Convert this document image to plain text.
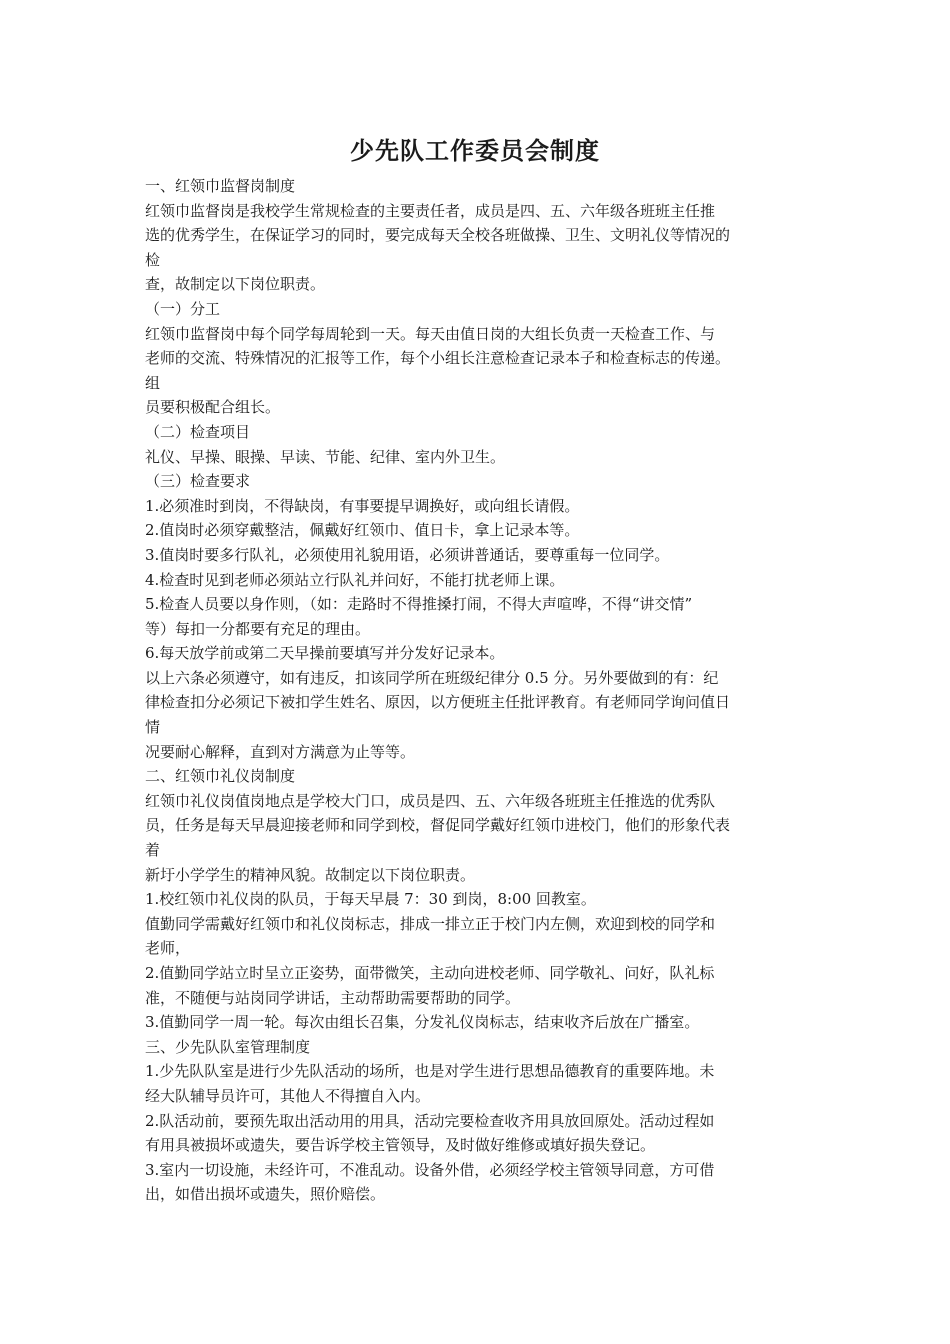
少先队工作委员会制度
一、红领巾监督岗制度
红领巾监督岗是我校学生常规检查的主要责任者，成员是四、五、六年级各班班主任推
选的优秀学生，在保证学习的同时，要完成每天全校各班做操、卫生、文明礼仪等情况的
检
查，故制定以下岗位职责。
（一）分工
红领巾监督岗中每个同学每周轮到一天。每天由值日岗的大组长负责一天检查工作、与
老师的交流、特殊情况的汇报等工作，每个小组长注意检查记录本子和检查标志的传递。
组
员要积极配合组长。
（二）检查项目
礼仪、早操、眼操、早读、节能、纪律、室内外卫生。
（三）检查要求
1.必须准时到岗，不得缺岗，有事要提早调换好，或向组长请假。
2.值岗时必须穿戴整洁，佩戴好红领巾、值日卡，拿上记录本等。
3.值岗时要多行队礼，必须使用礼貌用语，必须讲普通话，要尊重每一位同学。
4.检查时见到老师必须站立行队礼并问好，不能打扰老师上课。
5.检查人员要以身作则，（如：走路时不得推搡打闹，不得大声喧哗，不得“讲交情”
等）每扣一分都要有充足的理由。
6.每天放学前或第二天早操前要填写并分发好记录本。
以上六条必须遵守，如有违反，扣该同学所在班级纪律分 0.5 分。另外要做到的有：纪
律检查扣分必须记下被扣学生姓名、原因，以方便班主任批评教育。有老师同学询问值日
情
况要耐心解释，直到对方满意为止等等。
二、红领巾礼仪岗制度
红领巾礼仪岗值岗地点是学校大门口，成员是四、五、六年级各班班主任推选的优秀队
员，任务是每天早晨迎接老师和同学到校，督促同学戴好红领巾进校门，他们的形象代表
着
新圩小学学生的精神风貌。故制定以下岗位职责。
1.校红领巾礼仪岗的队员，于每天早晨 7：30 到岗，8:00 回教室。
值勤同学需戴好红领巾和礼仪岗标志，排成一排立正于校门内左侧，欢迎到校的同学和
老师，
2.值勤同学站立时呈立正姿势，面带微笑，主动向进校老师、同学敬礼、问好，队礼标
准，不随便与站岗同学讲话，主动帮助需要帮助的同学。
3.值勤同学一周一轮。每次由组长召集，分发礼仪岗标志，结束收齐后放在广播室。
三、少先队队室管理制度
1.少先队队室是进行少先队活动的场所，也是对学生进行思想品德教育的重要阵地。未
经大队辅导员许可，其他人不得擅自入内。
2.队活动前，要预先取出活动用的用具，活动完要检查收齐用具放回原处。活动过程如
有用具被损坏或遗失，要告诉学校主管领导，及时做好维修或填好损失登记。
3.室内一切设施，未经许可，不准乱动。设备外借，必须经学校主管领导同意，方可借
出，如借出损坏或遗失，照价赔偿。
